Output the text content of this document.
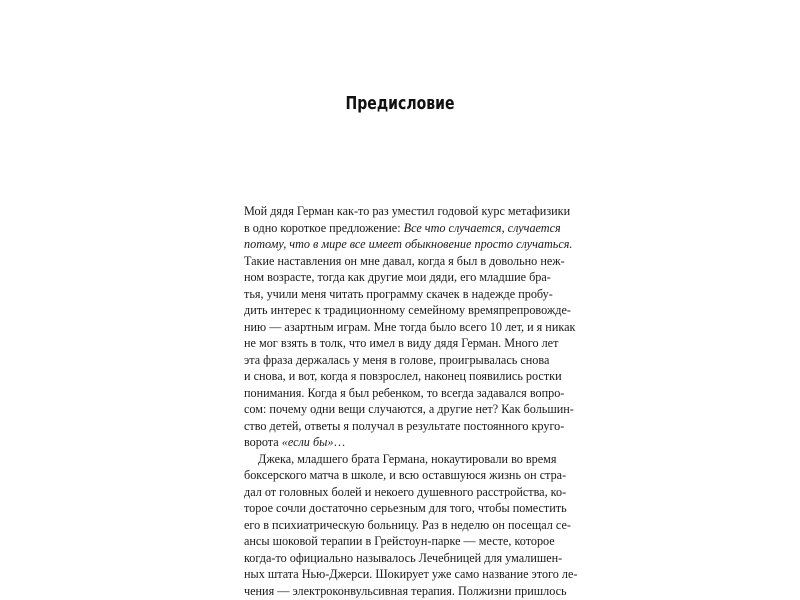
Предисловие
Мой дядя Герман как-то раз уместил годовой курс метафизики
в одно короткое предложение: Все что случается, случается
потому, что в мире все имеет обыкновение просто случаться.
Такие наставления он мне давал, когда я был в довольно неж-
ном возрасте, тогда как другие мои дяди, его младшие бра-
тья, учили меня читать программу скачек в надежде пробу-
дить интерес к традиционному семейному времяпрепровожде-
нию — азартным играм. Мне тогда было всего 10 лет, и я никак
не мог взять в толк, что имел в виду дядя Герман. Много лет
эта фраза держалась у меня в голове, проигрывалась снова
и снова, и вот, когда я повзрослел, наконец появились ростки
понимания. Когда я был ребенком, то всегда задавался вопро-
сом: почему одни вещи случаются, а другие нет? Как большин-
ство детей, ответы я получал в результате постоянного круго-
ворота «если бы»…
Джека, младшего брата Германа, нокаутировали во время
боксерского матча в школе, и всю оставшуюся жизнь он стра-
дал от головных болей и некоего душевного расстройства, ко-
торое сочли достаточно серьезным для того, чтобы поместить
его в психиатрическую больницу. Раз в неделю он посещал се-
ансы шоковой терапии в Грейстоун-парке — месте, которое
когда-то официально называлось Лечебницей для умалишен-
ных штата Нью-Джерси. Шокирует уже само название этого ле-
чения — электроконвульсивная терапия. Полжизни пришлось
